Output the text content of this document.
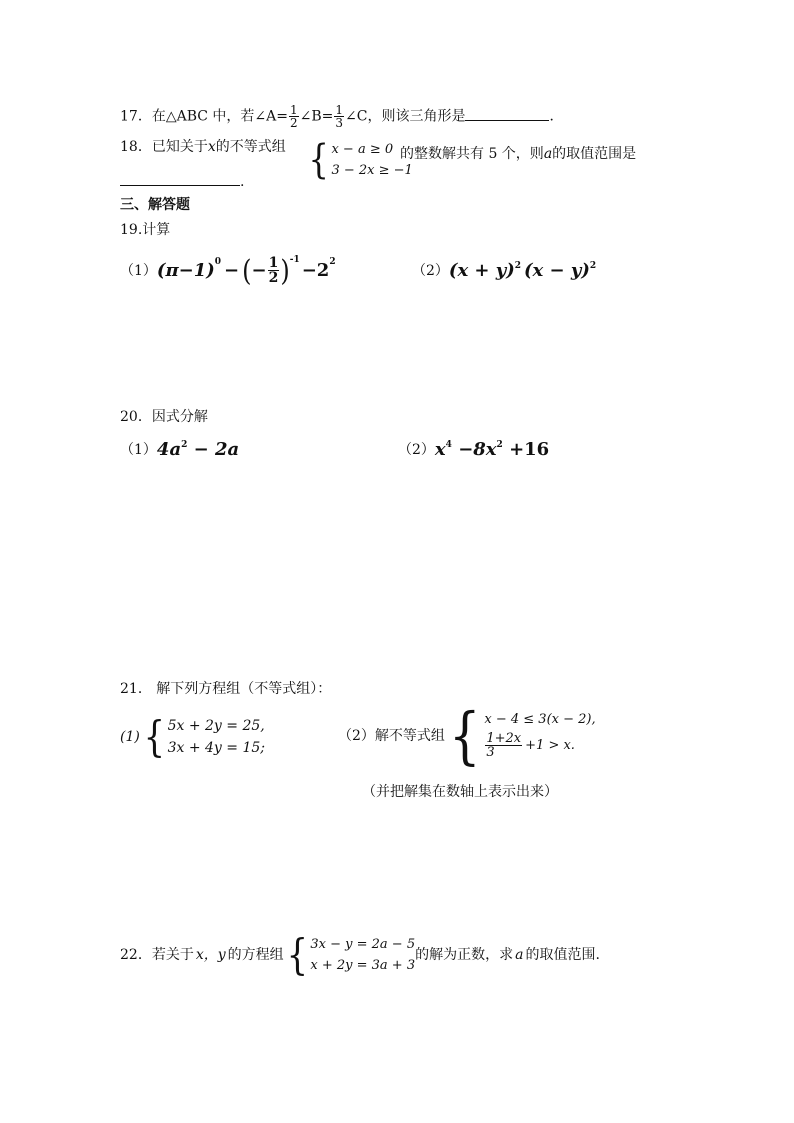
17．在△ABC 中，若∠A= $\frac{1}{2}$ ∠B= $\frac{1}{3}$ ∠C，则该三角形是	．
18．已知关于x的不等式组 { x − a ≥ 0
3 − 2x ≥ −1
的整数解共有 5 个，则a的取值范围是
.
三、解答题
19.计算
（1） $(\pi-1)^0$ − ( − $\frac{1}{2} )^{-1} -2^2$
（2） $(x + y)^2$ $(x - y)^2$
20．因式分解
（1） $4a^2 - 2a$	（2） $x^4 -8x^2 +16$
21． 解下列方程组（不等式组）：
(1) { 5x + 2y = 25,
3x + 4y = 15;
（2）解不等式组 { x − 4 ≤ 3(x − 2),
$\frac{1+2x}{3} +1 > x$.
（并把解集在数轴上表示出来）
22． 若关于 x，y 的方程组 { 3x − y = 2a − 5
x + 2y = 3a + 3
的解为正数，求 a 的取值范围.
